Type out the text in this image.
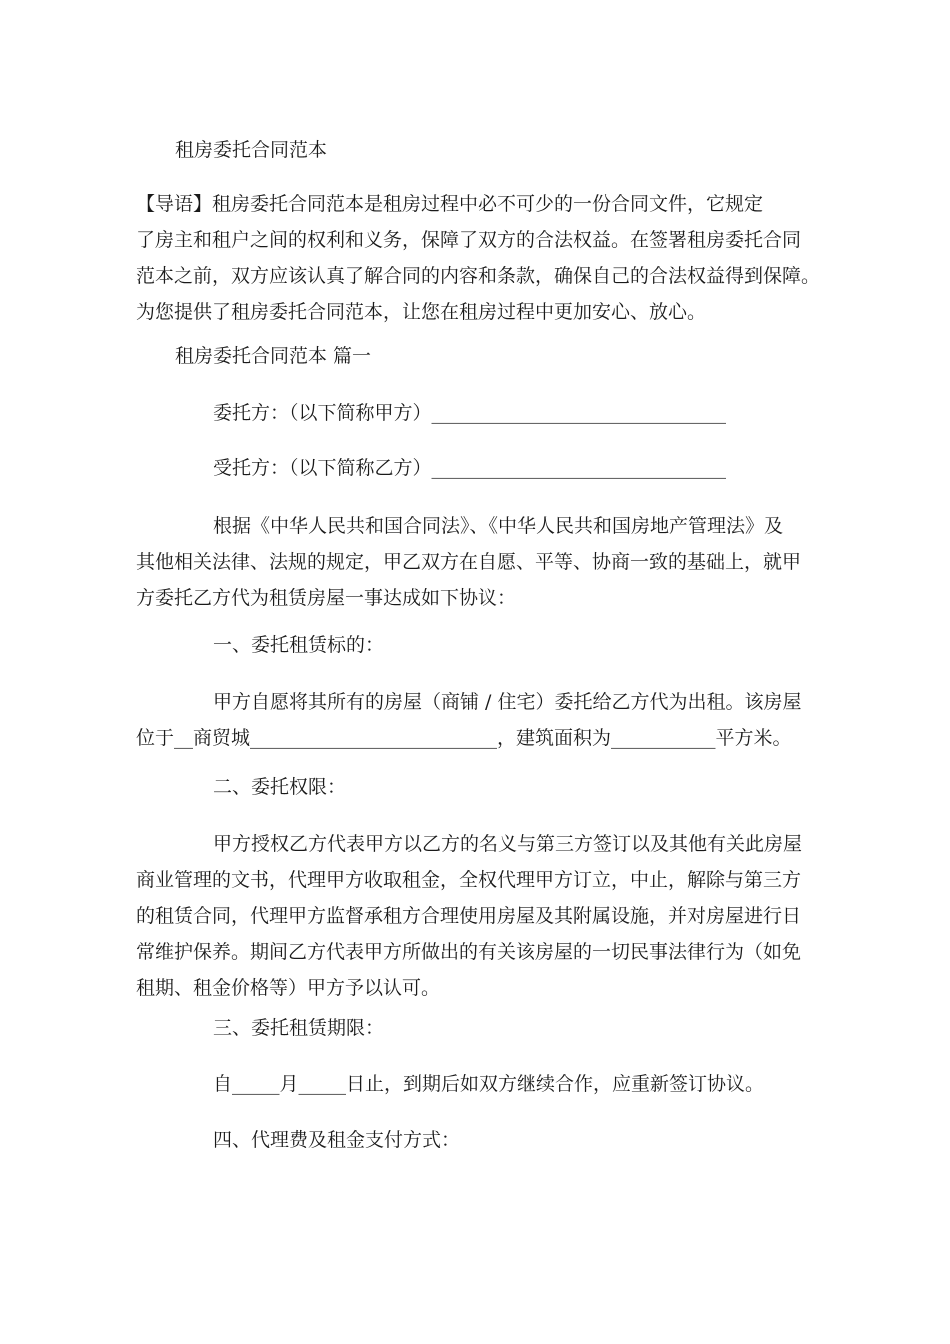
租房委托合同范本
【导语】租房委托合同范本是租房过程中必不可少的一份合同文件，它规定
了房主和租户之间的权利和义务，保障了双方的合法权益。在签署租房委托合同
范本之前，双方应该认真了解合同的内容和条款，确保自己的合法权益得到保障。
为您提供了租房委托合同范本，让您在租房过程中更加安心、放心。
租房委托合同范本 篇一
委托方：（以下简称甲方）_______________________________
受托方：（以下简称乙方）_______________________________
根据《中华人民共和国合同法》、《中华人民共和国房地产管理法》及
其他相关法律、法规的规定，甲乙双方在自愿、平等、协商一致的基础上，就甲
方委托乙方代为租赁房屋一事达成如下协议：
一、委托租赁标的：
甲方自愿将其所有的房屋（商铺 / 住宅）委托给乙方代为出租。该房屋
位于__商贸城__________________________，建筑面积为___________平方米。
二、委托权限：
甲方授权乙方代表甲方以乙方的名义与第三方签订以及其他有关此房屋
商业管理的文书，代理甲方收取租金，全权代理甲方订立，中止，解除与第三方
的租赁合同，代理甲方监督承租方合理使用房屋及其附属设施，并对房屋进行日
常维护保养。期间乙方代表甲方所做出的有关该房屋的一切民事法律行为（如免
租期、租金价格等）甲方予以认可。
三、委托租赁期限：
自_____月_____日止，到期后如双方继续合作，应重新签订协议。
四、代理费及租金支付方式：
